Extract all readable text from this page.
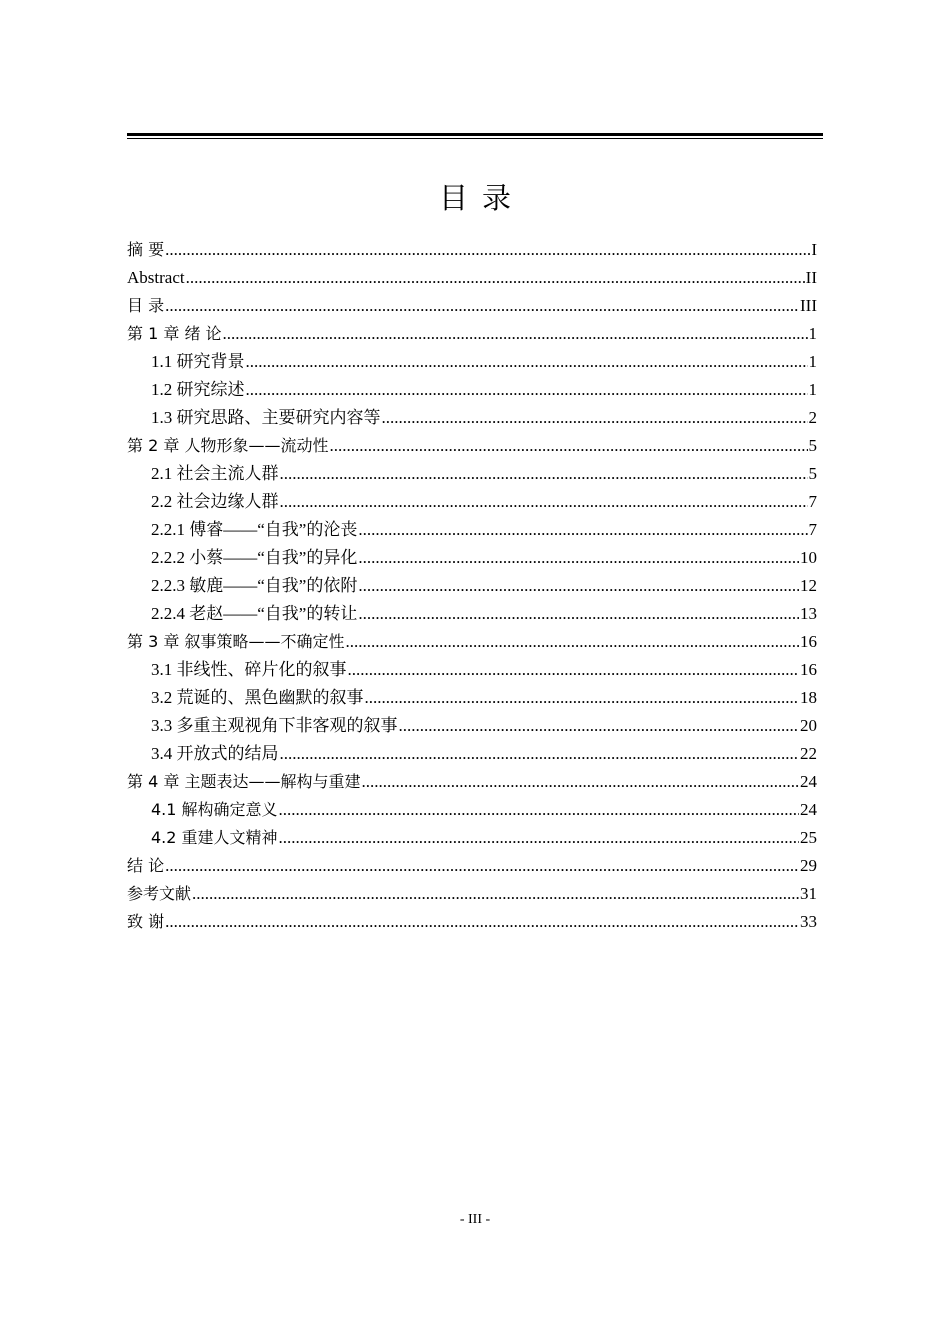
目录
摘 要 .....	I
Abstract .....	II
目 录 .....	III
第 1 章 绪 论 .....	1
1.1 研究背景 .....	1
1.2 研究综述 .....	1
1.3 研究思路、主要研究内容等 .....	2
第 2 章 人物形象——流动性 .....	5
2.1 社会主流人群 .....	5
2.2 社会边缘人群 .....	7
2.2.1 傅睿——“自我”的沦丧 .....	7
2.2.2 小蔡——“自我”的异化 .....	10
2.2.3 敏鹿——“自我”的依附 .....	12
2.2.4 老赵——“自我”的转让 .....	13
第 3 章 叙事策略——不确定性 .....	16
3.1 非线性、碎片化的叙事 .....	16
3.2 荒诞的、黑色幽默的叙事 .....	18
3.3 多重主观视角下非客观的叙事 .....	20
3.4 开放式的结局 .....	22
第 4 章 主题表达——解构与重建 .....	24
4.1 解构确定意义 .....	24
4.2 重建人文精神 .....	25
结 论 .....	29
参考文献 .....	31
致 谢 .....	33
- III -
